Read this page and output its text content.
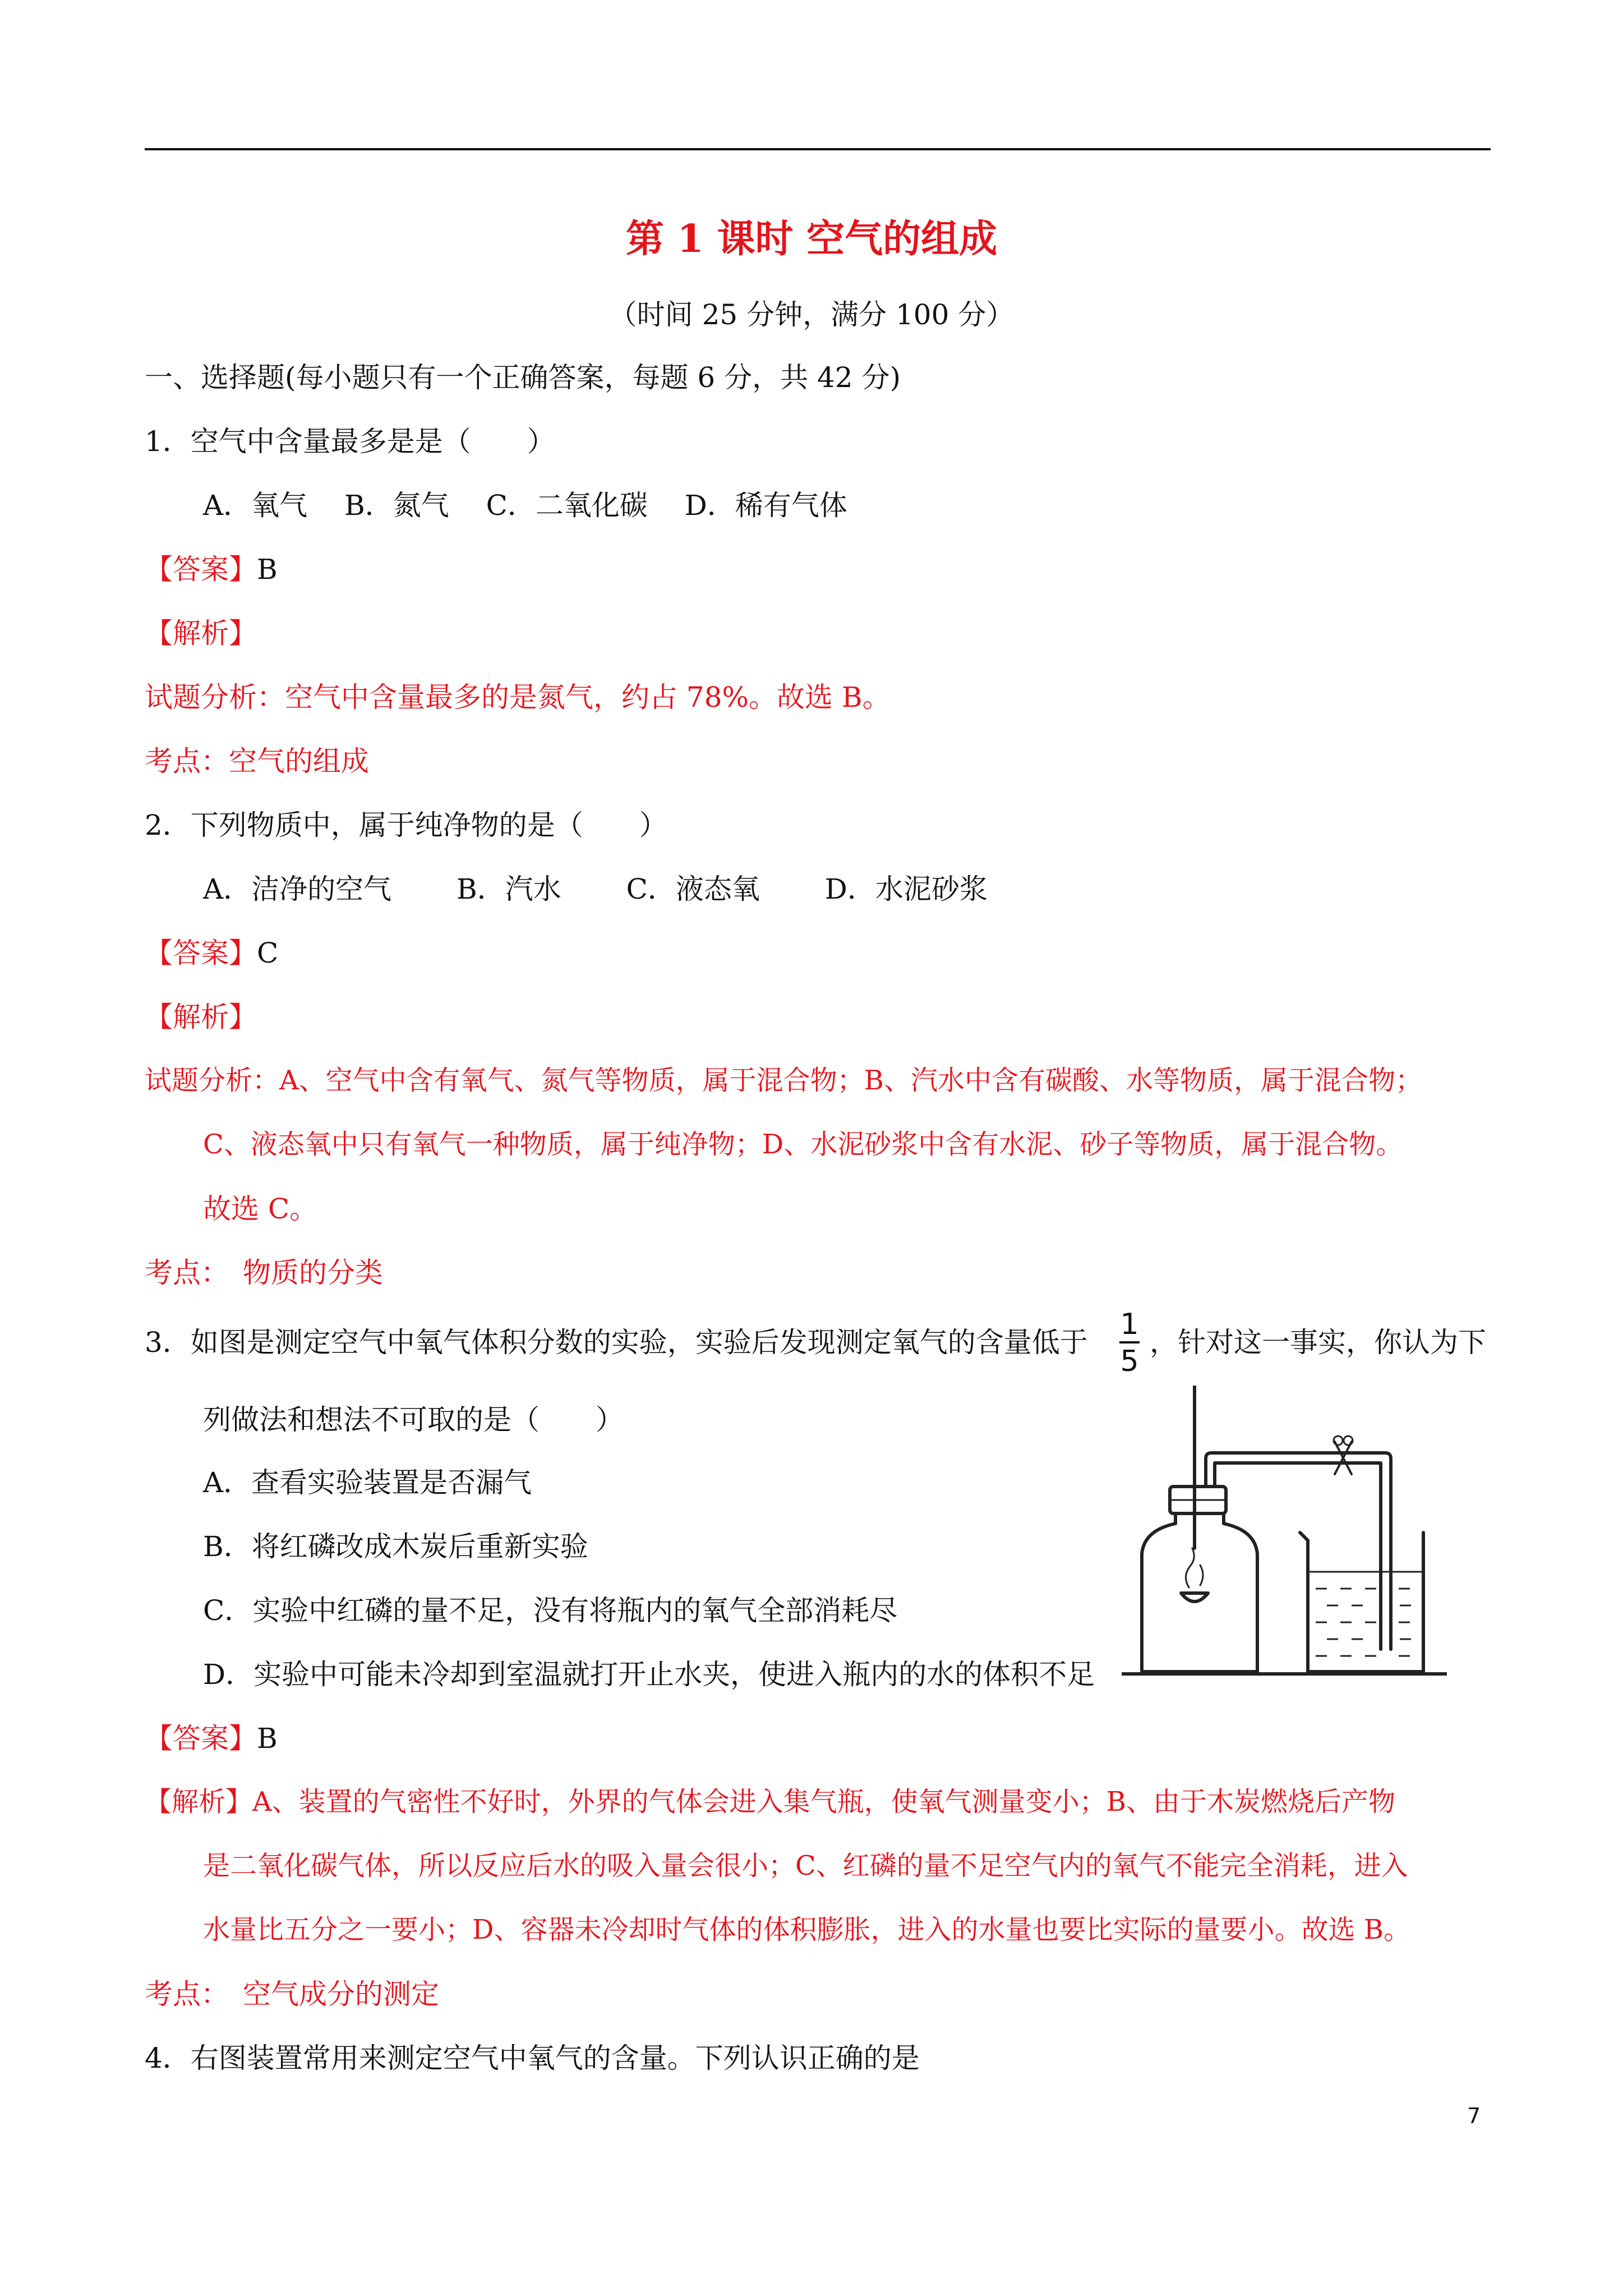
第 1 课时 空气的组成
（时间 25 分钟，满分 100 分）
一、选择题(每小题只有一个正确答案，每题 6 分，共 42 分)
1．空气中含量最多是是（　　）
A．氧气　 B．氮气　 C．二氧化碳　 D．稀有气体
【答案】B
【解析】
试题分析：空气中含量最多的是氮气，约占 78%。故选 B。
考点：空气的组成
2．下列物质中，属于纯净物的是（　　）
A．洁净的空气　　 B．汽水　　 C．液态氧　　 D．水泥砂浆
【答案】C
【解析】
试题分析：A、空气中含有氧气、氮气等物质，属于混合物；B、汽水中含有碳酸、水等物质，属于混合物；
C、液态氧中只有氧气一种物质，属于纯净物；D、水泥砂浆中含有水泥、砂子等物质，属于混合物。
故选 C。
考点：　物质的分类
3．如图是测定空气中氧气体积分数的实验，实验后发现测定氧气的含量低于
1
5
，针对这一事实，你认为下
列做法和想法不可取的是（　　）
A．查看实验装置是否漏气
B．将红磷改成木炭后重新实验
C．实验中红磷的量不足，没有将瓶内的氧气全部消耗尽
D．实验中可能未冷却到室温就打开止水夹，使进入瓶内的水的体积不足
【答案】B
【解析】A、装置的气密性不好时，外界的气体会进入集气瓶，使氧气测量变小；B、由于木炭燃烧后产物
是二氧化碳气体，所以反应后水的吸入量会很小；C、红磷的量不足空气内的氧气不能完全消耗，进入
水量比五分之一要小；D、容器未冷却时气体的体积膨胀，进入的水量也要比实际的量要小。故选 B。
考点：　空气成分的测定
4．右图装置常用来测定空气中氧气的含量。下列认识正确的是
7
